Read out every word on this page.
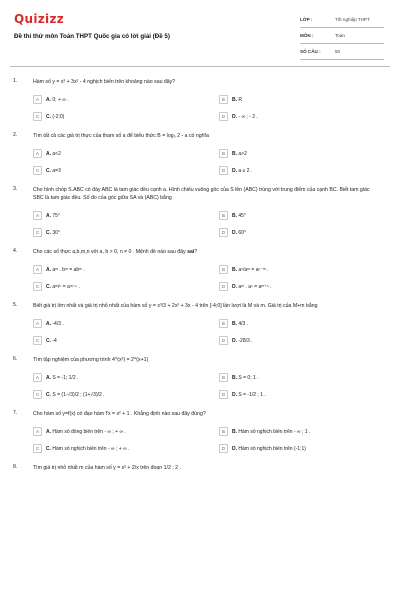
Quizizz
Đề thi thử môn Toán THPT Quốc gia có lời giải (Đề 5)
LỚP :	Tốt nghiệp THPT
MÔN :	Toán
SỐ CÂU :	50
1.	Hàm số y = x³ + 3x² - 4 nghịch biến trên khoảng nào sau đây?
A	A. 0; + ∞ .	B	B. R
C	C. (-2;0)	D	D. - ∞ ; - 2 .
2.	Tìm tất cả các giá trị thực của tham số a để biểu thức B = log₃ 2 - a có nghĩa
A	A. a<2	B	B. a>2
C	C. a=3	D	D. a ≤ 2 .
3.	Cho hình chóp S.ABC có đáy ABC là tam giác đều cạnh a. Hình chiếu vuông góc của S lên (ABC) trùng với trung điểm của cạnh BC. Biết tam giác SBC là tam giác đều. Số đo của góc giữa SA và (ABC) bằng
A	A. 75°	B	B. 45°
C	C. 30°	D	D. 60°
4.	Cho các số thực a,b,m,n với a, b > 0, n ≠ 0 . Mệnh đề nào sau đây sai?
A	A. aᵐ . bᵐ = abᵐ .	B	B. aⁿ/aᵐ = aⁿ⁻ᵐ .
C	C. aᵐ/ⁿ = aᵐ⁻ⁿ .	D	D. aᵐ . aⁿ = aᵐ⁺ⁿ .
5.	Biết giá trị lớn nhất và giá trị nhỏ nhất của hàm số y = x³/3 + 2x² + 3x - 4 trên [-4;0] lần lượt là M và m. Giá trị của M+m bằng
A	A. -4/3 .	B	B. 4/3 .
C	C. -4	D	D. -28/3 .
6.	Tìm tập nghiệm của phương trình 4^(x²) = 2^(x+1)
A	A. S = -1; 1/2 .	B	B. S = 0; 1 .
C	C. S = (1-√3)/2 ; (1+√3)/2 .	D	D. S = -1/2 ; 1 .
7.	Cho hàm số y=f(x) có đạo hàm f'x = x² + 1 . Khẳng định nào sau đây đúng?
A	A. Hàm số đồng biến trên - ∞ ; + ∞ .	B	B. Hàm số nghịch biến trên - ∞ ; 1 .
C	C. Hàm số nghịch biến trên - ∞ ; + ∞ .	D	D. Hàm số nghịch biến trên (-1;1)
8.	Tìm giá trị nhỏ nhất m của hàm số y = x² + 2/x trên đoạn 1/2 ; 2 .
